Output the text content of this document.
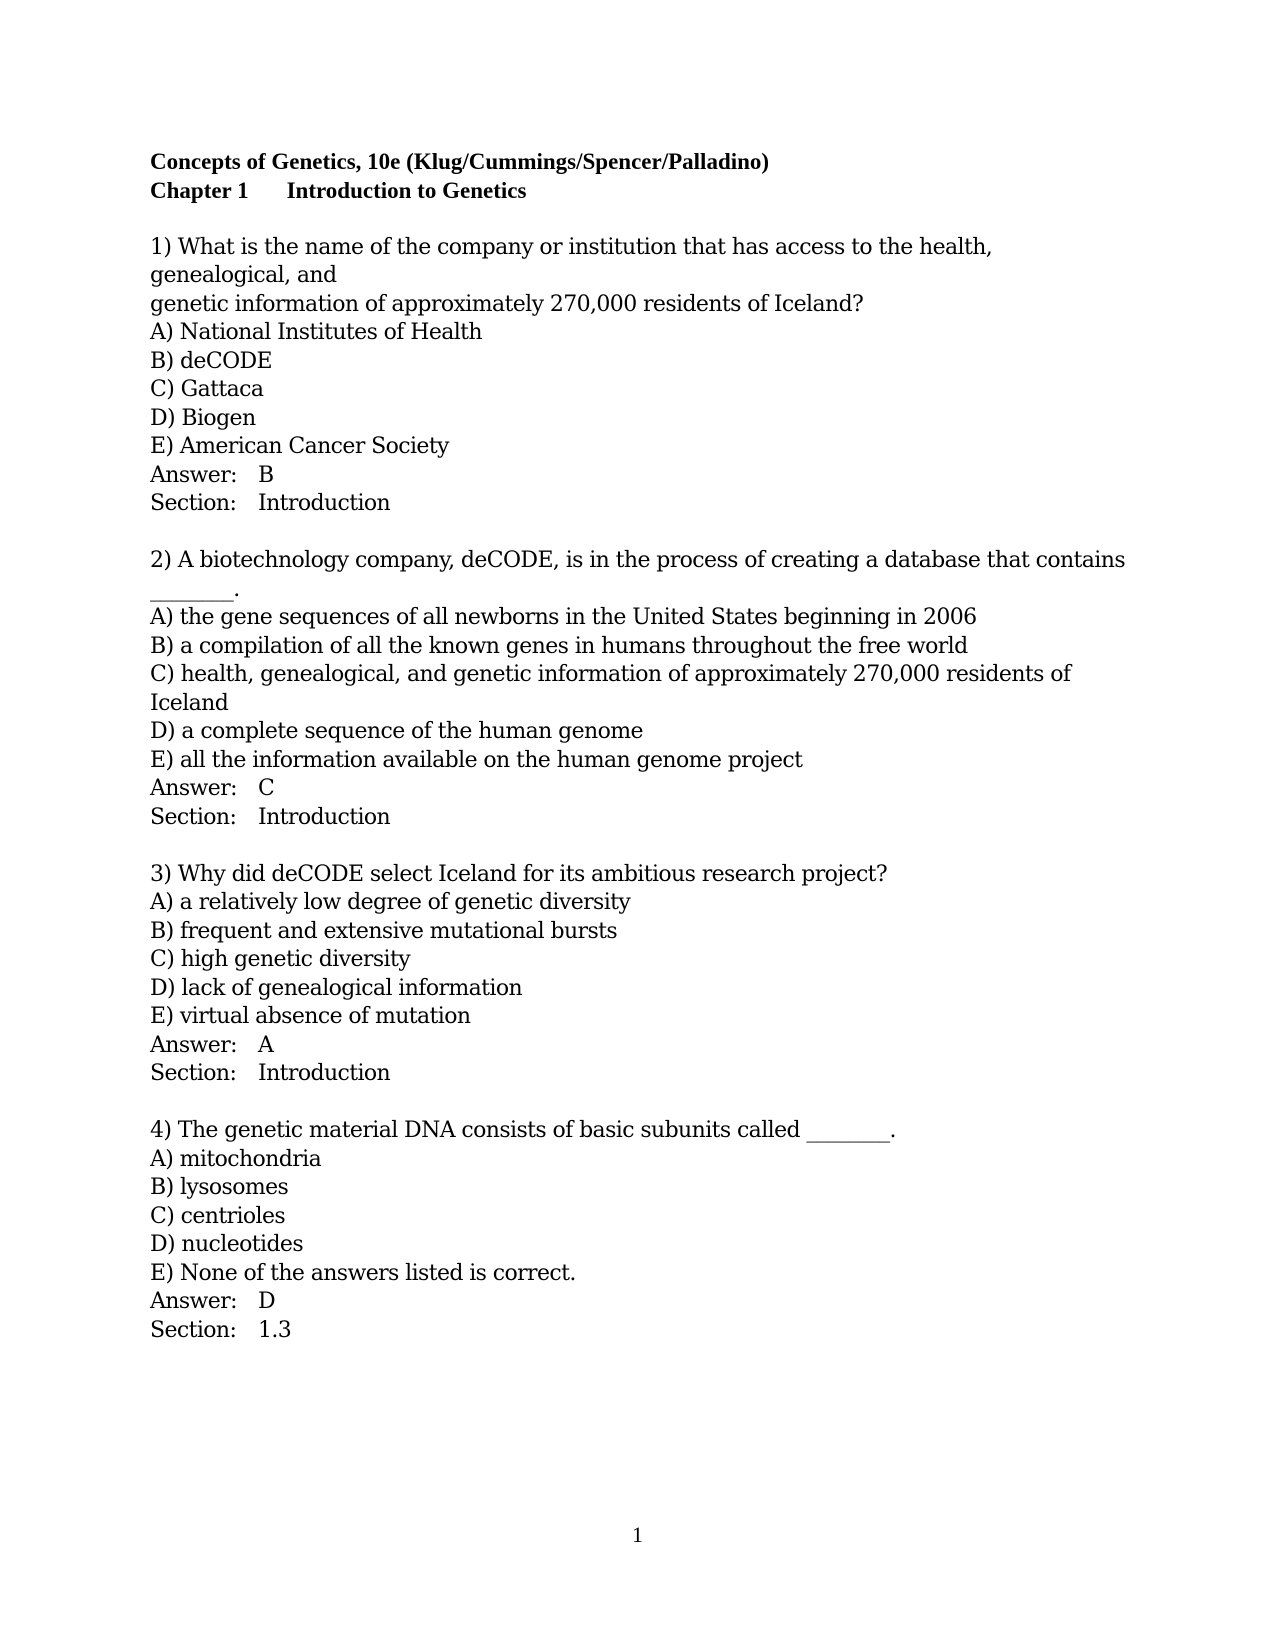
Concepts of Genetics, 10e (Klug/Cummings/Spencer/Palladino)
Chapter 1 Introduction to Genetics
1) What is the name of the company or institution that has access to the health, genealogical, and
genetic information of approximately 270,000 residents of Iceland?
A) National Institutes of Health
B) deCODE
C) Gattaca
D) Biogen
E) American Cancer Society
Answer: B
Section: Introduction
2) A biotechnology company, deCODE, is in the process of creating a database that contains
________.
A) the gene sequences of all newborns in the United States beginning in 2006
B) a compilation of all the known genes in humans throughout the free world
C) health, genealogical, and genetic information of approximately 270,000 residents of Iceland
D) a complete sequence of the human genome
E) all the information available on the human genome project
Answer: C
Section: Introduction
3) Why did deCODE select Iceland for its ambitious research project?
A) a relatively low degree of genetic diversity
B) frequent and extensive mutational bursts
C) high genetic diversity
D) lack of genealogical information
E) virtual absence of mutation
Answer: A
Section: Introduction
4) The genetic material DNA consists of basic subunits called ________.
A) mitochondria
B) lysosomes
C) centrioles
D) nucleotides
E) None of the answers listed is correct.
Answer: D
Section: 1.3
1
